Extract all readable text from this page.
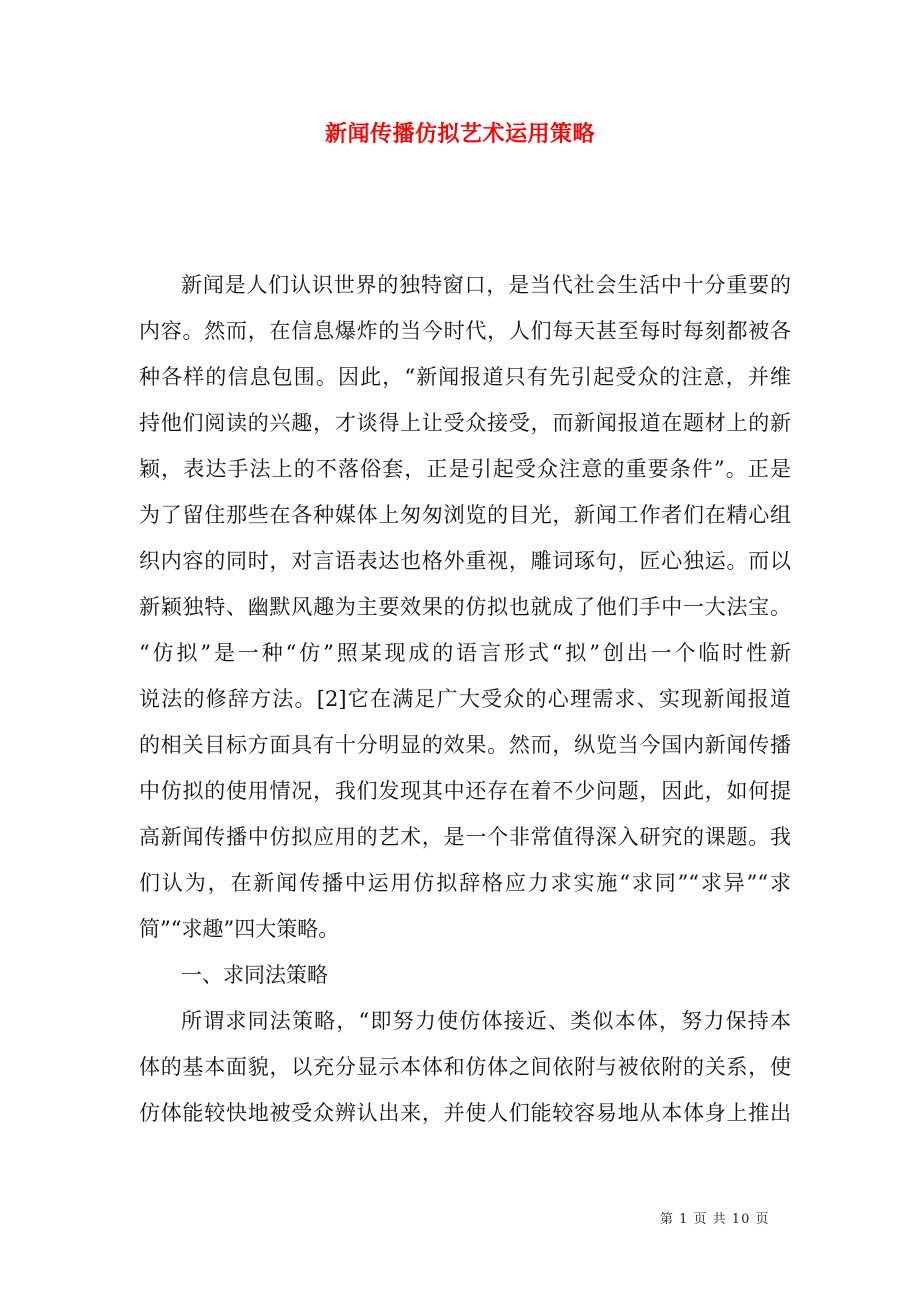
新闻传播仿拟艺术运用策略
新闻是人们认识世界的独特窗口，是当代社会生活中十分重要的
内容。然而，在信息爆炸的当今时代，人们每天甚至每时每刻都被各
种各样的信息包围。因此，“新闻报道只有先引起受众的注意，并维
持他们阅读的兴趣，才谈得上让受众接受，而新闻报道在题材上的新
颖，表达手法上的不落俗套，正是引起受众注意的重要条件”。正是
为了留住那些在各种媒体上匆匆浏览的目光，新闻工作者们在精心组
织内容的同时，对言语表达也格外重视，雕词琢句，匠心独运。而以
新颖独特、幽默风趣为主要效果的仿拟也就成了他们手中一大法宝。
“仿拟”是一种“仿”照某现成的语言形式“拟”创出一个临时性新
说法的修辞方法。[2]它在满足广大受众的心理需求、实现新闻报道
的相关目标方面具有十分明显的效果。然而，纵览当今国内新闻传播
中仿拟的使用情况，我们发现其中还存在着不少问题，因此，如何提
高新闻传播中仿拟应用的艺术，是一个非常值得深入研究的课题。我
们认为，在新闻传播中运用仿拟辞格应力求实施“求同”“求异”“求
简”“求趣”四大策略。
一、求同法策略
所谓求同法策略，“即努力使仿体接近、类似本体，努力保持本
体的基本面貌，以充分显示本体和仿体之间依附与被依附的关系，使
仿体能较快地被受众辨认出来，并使人们能较容易地从本体身上推出
第 1 页 共 10 页
